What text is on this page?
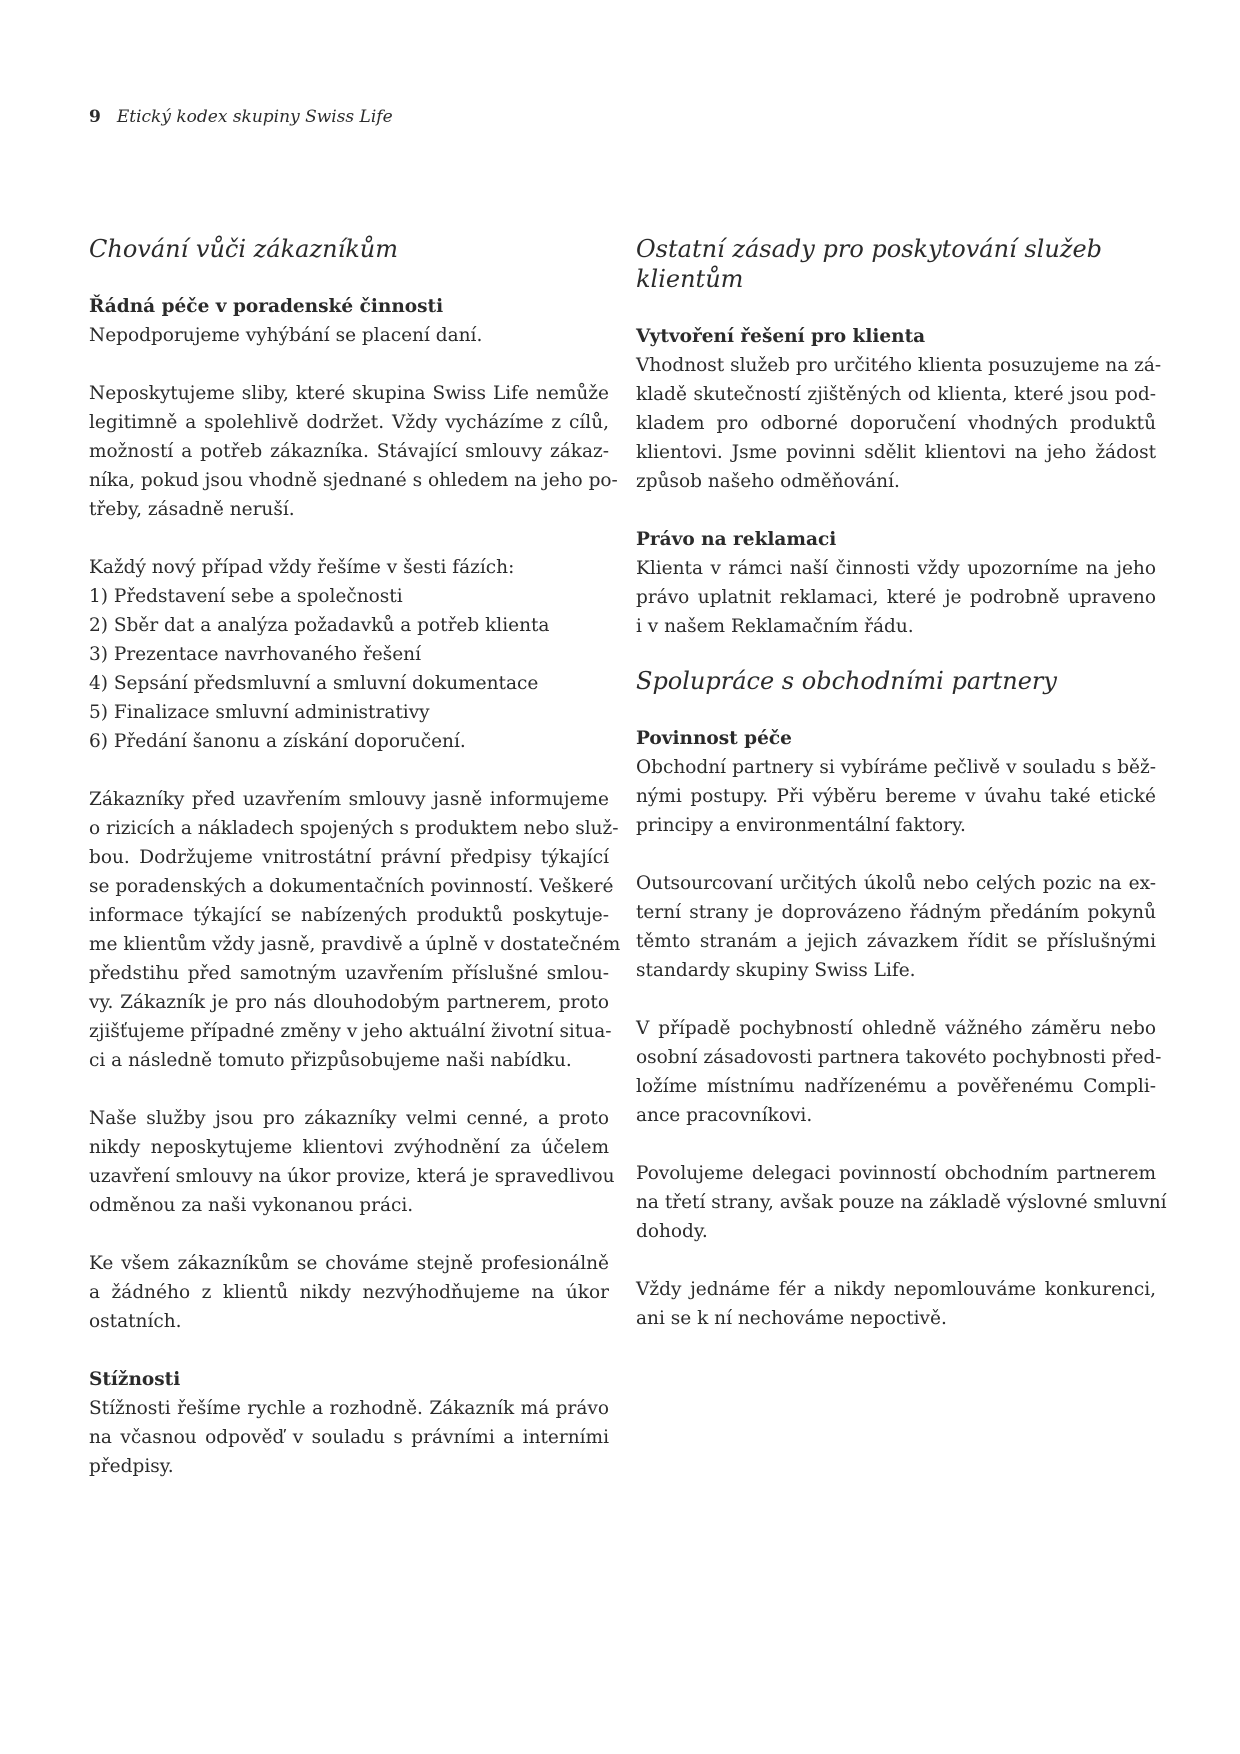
9 Etický kodex skupiny Swiss Life
Chování vůči zákazníkům
Řádná péče v poradenské činnosti
Nepodporujeme vyhýbání se placení daní.
Neposkytujeme sliby, které skupina Swiss Life nemůže
legitimně a spolehlivě dodržet. Vždy vycházíme z cílů,
možností a potřeb zákazníka. Stávající smlouvy zákaz-
níka, pokud jsou vhodně sjednané s ohledem na jeho po-
třeby, zásadně neruší.
Každý nový případ vždy řešíme v šesti fázích:
1) Představení sebe a společnosti
2) Sběr dat a analýza požadavků a potřeb klienta
3) Prezentace navrhovaného řešení
4) Sepsání předsmluvní a smluvní dokumentace
5) Finalizace smluvní administrativy
6) Předání šanonu a získání doporučení.
Zákazníky před uzavřením smlouvy jasně informujeme
o rizicích a nákladech spojených s produktem nebo služ-
bou. Dodržujeme vnitrostátní právní předpisy týkající
se poradenských a dokumentačních povinností. Veškeré
informace týkající se nabízených produktů poskytuje-
me klientům vždy jasně, pravdivě a úplně v dostatečném
předstihu před samotným uzavřením příslušné smlou-
vy. Zákazník je pro nás dlouhodobým partnerem, proto
zjišťujeme případné změny v jeho aktuální životní situa-
ci a následně tomuto přizpůsobujeme naši nabídku.
Naše služby jsou pro zákazníky velmi cenné, a proto
nikdy neposkytujeme klientovi zvýhodnění za účelem
uzavření smlouvy na úkor provize, která je spravedlivou
odměnou za naši vykonanou práci.
Ke všem zákazníkům se chováme stejně profesionálně
a žádného z klientů nikdy nezvýhodňujeme na úkor
ostatních.
Stížnosti
Stížnosti řešíme rychle a rozhodně. Zákazník má právo
na včasnou odpověď v souladu s právními a interními
předpisy.
Ostatní zásady pro poskytování služeb klientům
Vytvoření řešení pro klienta
Vhodnost služeb pro určitého klienta posuzujeme na zá-
kladě skutečností zjištěných od klienta, které jsou pod-
kladem pro odborné doporučení vhodných produktů
klientovi. Jsme povinni sdělit klientovi na jeho žádost
způsob našeho odměňování.
Právo na reklamaci
Klienta v rámci naší činnosti vždy upozorníme na jeho
právo uplatnit reklamaci, které je podrobně upraveno
i v našem Reklamačním řádu.
Spolupráce s obchodními partnery
Povinnost péče
Obchodní partnery si vybíráme pečlivě v souladu s běž-
nými postupy. Při výběru bereme v úvahu také etické
principy a environmentální faktory.
Outsourcovaní určitých úkolů nebo celých pozic na ex-
terní strany je doprovázeno řádným předáním pokynů
těmto stranám a jejich závazkem řídit se příslušnými
standardy skupiny Swiss Life.
V případě pochybností ohledně vážného záměru nebo
osobní zásadovosti partnera takovéto pochybnosti před-
ložíme místnímu nadřízenému a pověřenému Compli-
ance pracovníkovi.
Povolujeme delegaci povinností obchodním partnerem
na třetí strany, avšak pouze na základě výslovné smluvní
dohody.
Vždy jednáme fér a nikdy nepomlouváme konkurenci,
ani se k ní nechováme nepoctivě.
